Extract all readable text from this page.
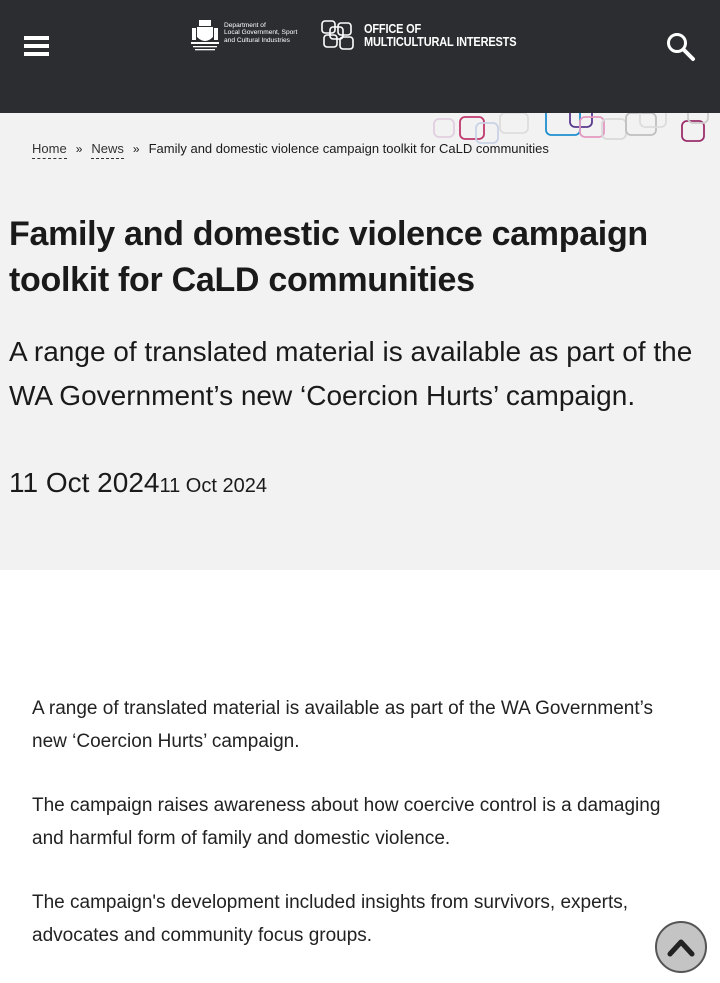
Department of
Local Government, Sport
and Cultural Industries
OFFICE OF
MULTICULTURAL INTERESTS
Home » News » Family and domestic violence campaign toolkit for CaLD communities
Family and domestic violence campaign toolkit for CaLD communities

A range of translated material is available as part of the WA Government’s new ‘Coercion Hurts’ campaign.

11 Oct 202411 Oct 2024

A range of translated material is available as part of the WA Government’s new ‘Coercion Hurts’ campaign.

The campaign raises awareness about how coercive control is a damaging and harmful form of family and domestic violence.

The campaign's development included insights from survivors, experts, advocates and community focus groups.
